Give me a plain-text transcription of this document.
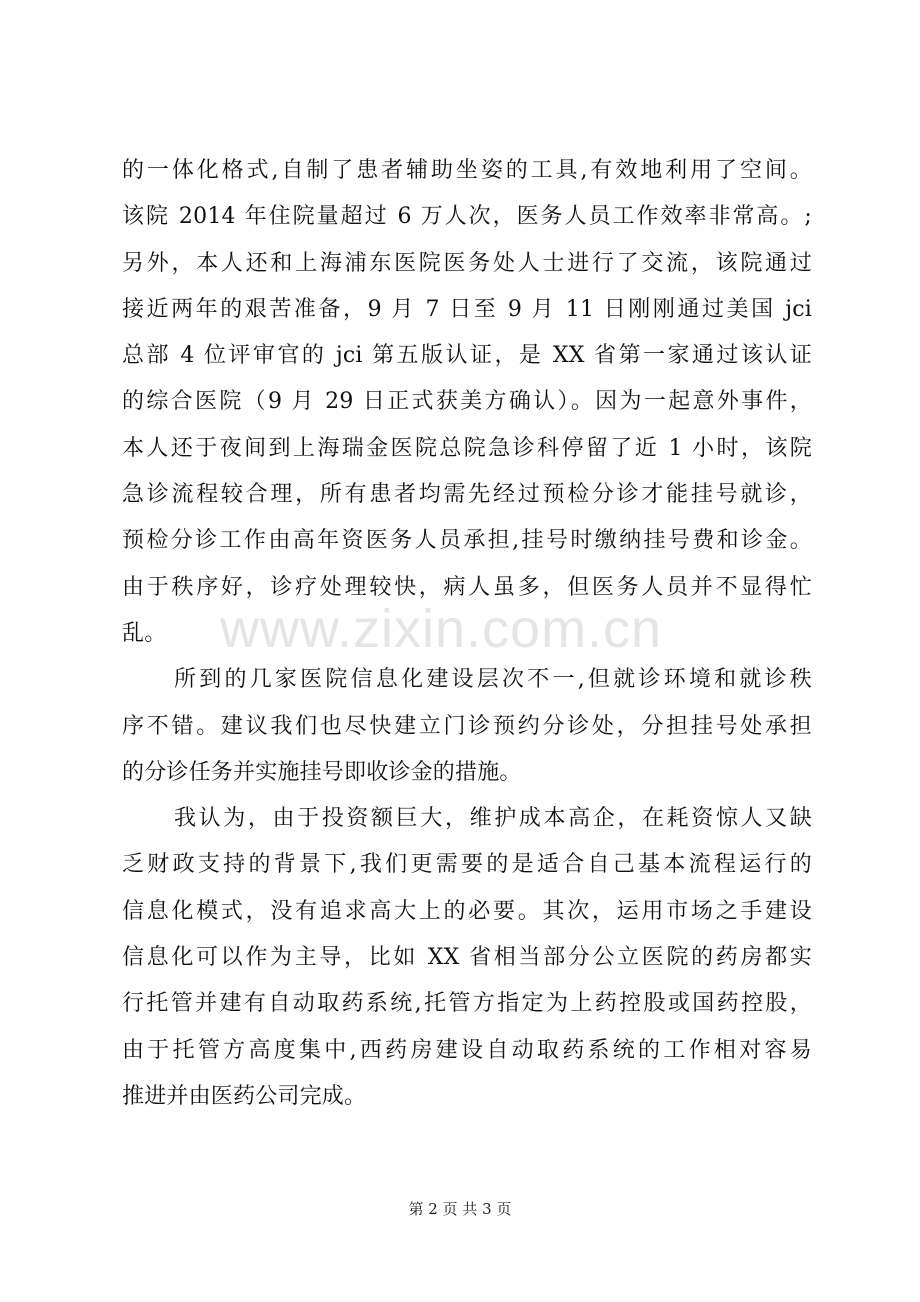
的一体化格式,自制了患者辅助坐姿的工具,有效地利用了空间。
该院 2014 年住院量超过 6 万人次，医务人员工作效率非常高。;
另外，本人还和上海浦东医院医务处人士进行了交流，该院通过
接近两年的艰苦准备，9 月 7 日至 9 月 11 日刚刚通过美国 jci
总部 4 位评审官的 jci 第五版认证，是 XX 省第一家通过该认证
的综合医院（9 月 29 日正式获美方确认）。因为一起意外事件，
本人还于夜间到上海瑞金医院总院急诊科停留了近 1 小时，该院
急诊流程较合理，所有患者均需先经过预检分诊才能挂号就诊，
预检分诊工作由高年资医务人员承担,挂号时缴纳挂号费和诊金。
由于秩序好，诊疗处理较快，病人虽多，但医务人员并不显得忙
乱。
所到的几家医院信息化建设层次不一,但就诊环境和就诊秩
序不错。建议我们也尽快建立门诊预约分诊处，分担挂号处承担
的分诊任务并实施挂号即收诊金的措施。
我认为，由于投资额巨大，维护成本高企，在耗资惊人又缺
乏财政支持的背景下,我们更需要的是适合自己基本流程运行的
信息化模式，没有追求高大上的必要。其次，运用市场之手建设
信息化可以作为主导，比如 XX 省相当部分公立医院的药房都实
行托管并建有自动取药系统,托管方指定为上药控股或国药控股，
由于托管方高度集中,西药房建设自动取药系统的工作相对容易
推进并由医药公司完成。
www.zixin.com.cn
第 2 页 共 3 页
